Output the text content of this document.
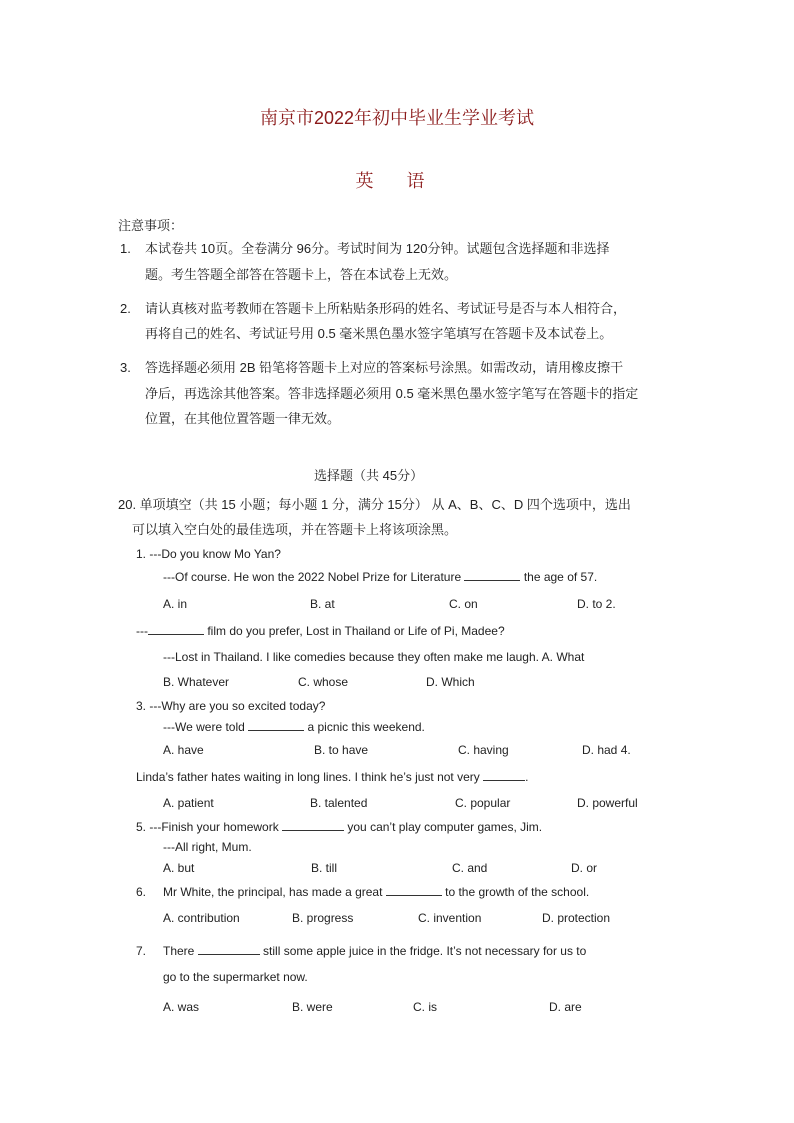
南京市2022年初中毕业生学业考试
英 语
注意事项：
1. 本试卷共 10页。全卷满分 96分。考试时间为 120分钟。试题包含选择题和非选择
题。考生答题全部答在答题卡上，答在本试卷上无效。
2. 请认真核对监考教师在答题卡上所粘贴条形码的姓名、考试证号是否与本人相符合，
再将自己的姓名、考试证号用 0.5 毫米黑色墨水签字笔填写在答题卡及本试卷上。
3. 答选择题必须用 2B 铅笔将答题卡上对应的答案标号涂黑。如需改动，请用橡皮擦干
净后，再选涂其他答案。答非选择题必须用 0.5 毫米黑色墨水签字笔写在答题卡的指定
位置，在其他位置答题一律无效。
选择题（共 45分）
20. 单项填空（共 15 小题；每小题 1 分，满分 15分） 从 A、B、C、D 四个选项中，选出
可以填入空白处的最佳选项，并在答题卡上将该项涂黑。
1. ---Do you know Mo Yan?
---Of course. He won the 2022 Nobel Prize for Literature	the age of 57.
A. in	B. at	C. on	D. to 2.
---	film do you prefer, Lost in Thailand or Life of Pi, Madee?
---Lost in Thailand. I like comedies because they often make me laugh. A. What
B. Whatever	C. whose	D. Which
3. ---Why are you so excited today?
---We were told	a picnic this weekend.
A. have	B. to have	C. having	D. had 4.
Linda’s father hates waiting in long lines. I think he’s just not very	.
A. patient	B. talented	C. popular	D. powerful
5. ---Finish your homework	you can’t play computer games, Jim.
---All right, Mum.
A. but	B. till	C. and	D. or
6. Mr White, the principal, has made a great	to the growth of the school.
A. contribution	B. progress	C. invention	D. protection
7. There	still some apple juice in the fridge. It’s not necessary for us to
go to the supermarket now.
A. was	B. were	C. is	D. are
